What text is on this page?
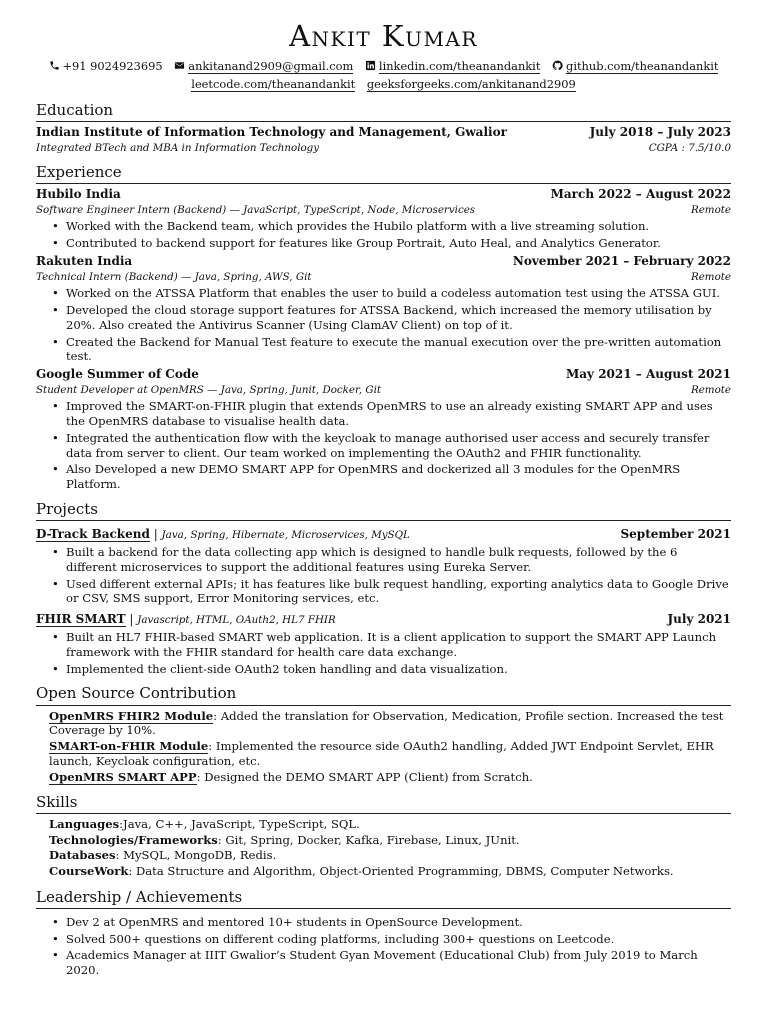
Ankit Kumar
+91 9024923695 ankitanand2909@gmail.com linkedin.com/theanandankit github.com/theanandankit
leetcode.com/theanandankit geeksforgeeks.com/ankitanand2909
Education
Indian Institute of Information Technology and Management, Gwalior	July 2018 – July 2023
Integrated BTech and MBA in Information Technology	CGPA : 7.5/10.0
Experience
Hubilo India	March 2022 – August 2022
Software Engineer Intern (Backend) — JavaScript, TypeScript, Node, Microservices	Remote
• Worked with the Backend team, which provides the Hubilo platform with a live streaming solution.
• Contributed to backend support for features like Group Portrait, Auto Heal, and Analytics Generator.
Rakuten India	November 2021 – February 2022
Technical Intern (Backend) — Java, Spring, AWS, Git	Remote
• Worked on the ATSSA Platform that enables the user to build a codeless automation test using the ATSSA GUI.
• Developed the cloud storage support features for ATSSA Backend, which increased the memory utilisation by 20%. Also created the Antivirus Scanner (Using ClamAV Client) on top of it.
• Created the Backend for Manual Test feature to execute the manual execution over the pre-written automation test.
Google Summer of Code	May 2021 – August 2021
Student Developer at OpenMRS — Java, Spring, Junit, Docker, Git	Remote
• Improved the SMART-on-FHIR plugin that extends OpenMRS to use an already existing SMART APP and uses the OpenMRS database to visualise health data.
• Integrated the authentication flow with the keycloak to manage authorised user access and securely transfer data from server to client. Our team worked on implementing the OAuth2 and FHIR functionality.
• Also Developed a new DEMO SMART APP for OpenMRS and dockerized all 3 modules for the OpenMRS Platform.
Projects
D-Track Backend | Java, Spring, Hibernate, Microservices, MySQL	September 2021
• Built a backend for the data collecting app which is designed to handle bulk requests, followed by the 6 different microservices to support the additional features using Eureka Server.
• Used different external APIs; it has features like bulk request handling, exporting analytics data to Google Drive or CSV, SMS support, Error Monitoring services, etc.
FHIR SMART | Javascript, HTML, OAuth2, HL7 FHIR	July 2021
• Built an HL7 FHIR-based SMART web application. It is a client application to support the SMART APP Launch framework with the FHIR standard for health care data exchange.
• Implemented the client-side OAuth2 token handling and data visualization.
Open Source Contribution
OpenMRS FHIR2 Module: Added the translation for Observation, Medication, Profile section. Increased the test Coverage by 10%.
SMART-on-FHIR Module: Implemented the resource side OAuth2 handling, Added JWT Endpoint Servlet, EHR launch, Keycloak configuration, etc.
OpenMRS SMART APP: Designed the DEMO SMART APP (Client) from Scratch.
Skills
Languages:Java, C++, JavaScript, TypeScript, SQL.
Technologies/Frameworks: Git, Spring, Docker, Kafka, Firebase, Linux, JUnit.
Databases: MySQL, MongoDB, Redis.
CourseWork: Data Structure and Algorithm, Object-Oriented Programming, DBMS, Computer Networks.
Leadership / Achievements
• Dev 2 at OpenMRS and mentored 10+ students in OpenSource Development.
• Solved 500+ questions on different coding platforms, including 300+ questions on Leetcode.
• Academics Manager at IIIT Gwalior’s Student Gyan Movement (Educational Club) from July 2019 to March 2020.
